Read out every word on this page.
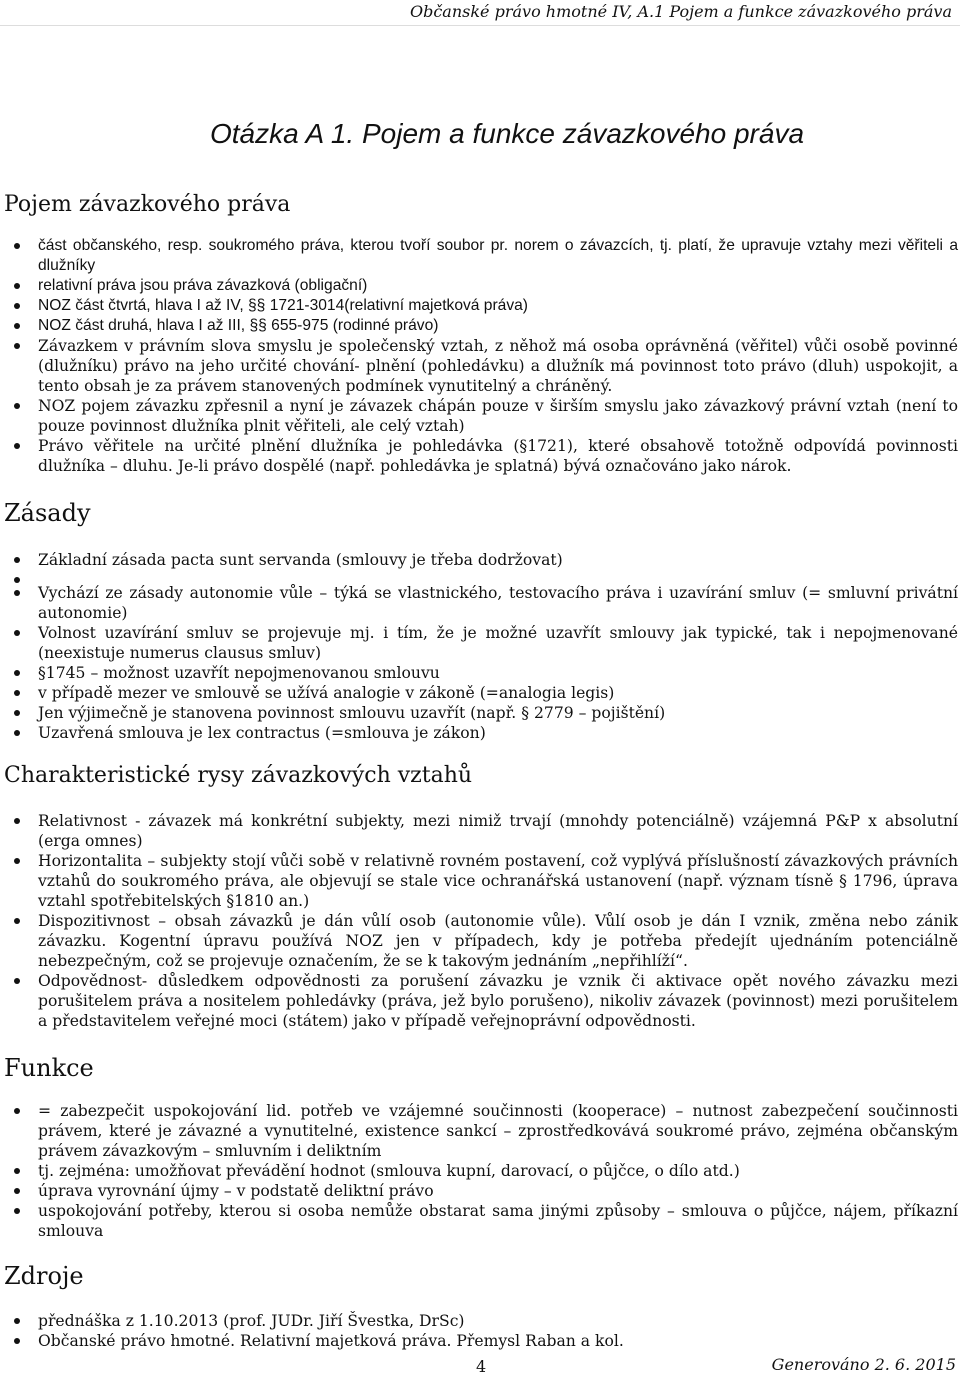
Občanské právo hmotné IV, A.1 Pojem a funkce závazkového práva
Otázka A 1. Pojem a funkce závazkového práva
Pojem závazkového práva
část občanského, resp. soukromého práva, kterou tvoří soubor pr. norem o závazcích, tj. platí, že upravuje vztahy mezi věřiteli a dlužníky
relativní práva jsou práva závazková (obligační)
NOZ část čtvrtá, hlava I až IV, §§ 1721-3014(relativní majetková práva)
NOZ část druhá, hlava I až III, §§ 655-975 (rodinné právo)
Závazkem v právním slova smyslu je společenský vztah, z něhož má osoba oprávněná (věřitel) vůči osobě povinné (dlužníku) právo na jeho určité chování- plnění (pohledávku) a dlužník má povinnost toto právo (dluh) uspokojit, a tento obsah je za právem stanovených podmínek vynutitelný a chráněný.
NOZ pojem závazku zpřesnil a nyní je závazek chápán pouze v širším smyslu jako závazkový právní vztah (není to pouze povinnost dlužníka plnit věřiteli, ale celý vztah)
Právo věřitele na určité plnění dlužníka je pohledávka (§1721), které obsahově totožně odpovídá povinnosti dlužníka – dluhu. Je-li právo dospělé (např. pohledávka je splatná) bývá označováno jako nárok.
Zásady
Základní zásada pacta sunt servanda (smlouvy je třeba dodržovat)
Vychází ze zásady autonomie vůle – týká se vlastnického, testovacího práva i uzavírání smluv (= smluvní privátní autonomie)
Volnost uzavírání smluv se projevuje mj. i tím, že je možné uzavřít smlouvy jak typické, tak i nepojmenované (neexistuje numerus clausus smluv)
§1745 – možnost uzavřít nepojmenovanou smlouvu
v případě mezer ve smlouvě se užívá analogie v zákoně (=analogia legis)
Jen výjimečně je stanovena povinnost smlouvu uzavřít (např. § 2779 – pojištění)
Uzavřená smlouva je lex contractus (=smlouva je zákon)
Charakteristické rysy závazkových vztahů
Relativnost - závazek má konkrétní subjekty, mezi nimiž trvají (mnohdy potenciálně) vzájemná P&P x absolutní (erga omnes)
Horizontalita – subjekty stojí vůči sobě v relativně rovném postavení, což vyplývá příslušností závazkových právních vztahů do soukromého práva, ale objevují se stale vice ochranářská ustanovení (např. význam tísně § 1796, úprava vztahl spotřebitelských §1810 an.)
Dispozitivnost – obsah závazků je dán vůlí osob (autonomie vůle). Vůlí osob je dán I vznik, změna nebo zánik závazku. Kogentní úpravu používá NOZ jen v případech, kdy je potřeba předejít ujednáním potenciálně nebezpečným, což se projevuje označením, že se k takovým jednáním „nepřihlíží“.
Odpovědnost- důsledkem odpovědnosti za porušení závazku je vznik či aktivace opět nového závazku mezi porušitelem práva a nositelem pohledávky (práva, jež bylo porušeno), nikoliv závazek (povinnost) mezi porušitelem a představitelem veřejné moci (státem) jako v případě veřejnoprávní odpovědnosti.
Funkce
= zabezpečit uspokojování lid. potřeb ve vzájemné součinnosti (kooperace) – nutnost zabezpečení součinnosti právem, které je závazné a vynutitelné, existence sankcí – zprostředkovává soukromé právo, zejména občanským právem závazkovým – smluvním i deliktním
tj. zejména: umožňovat převádění hodnot (smlouva kupní, darovací, o půjčce, o dílo atd.)
úprava vyrovnání újmy – v podstatě deliktní právo
uspokojování potřeby, kterou si osoba nemůže obstarat sama jinými způsoby – smlouva o půjčce, nájem, příkazní smlouva
Zdroje
přednáška z 1.10.2013 (prof. JUDr. Jiří Švestka, DrSc)
Občanské právo hmotné. Relativní majetková práva. Přemysl Raban a kol.
4	Generováno 2. 6. 2015
